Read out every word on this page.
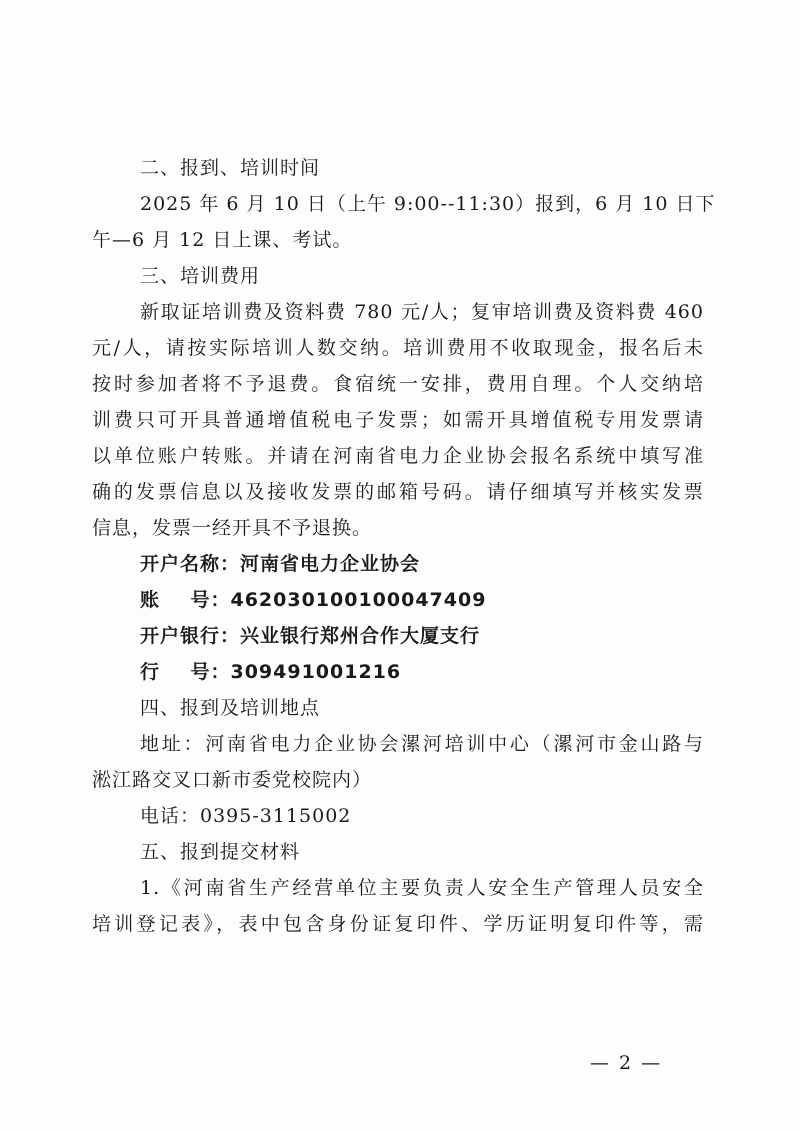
二、报到、培训时间
2025 年 6 月 10 日（上午 9:00--11:30）报到，6 月 10 日下
午—6 月 12 日上课、考试。
三、培训费用
新取证培训费及资料费 780 元/人；复审培训费及资料费 460
元/人，请按实际培训人数交纳。培训费用不收取现金，报名后未
按时参加者将不予退费。食宿统一安排，费用自理。个人交纳培
训费只可开具普通增值税电子发票；如需开具增值税专用发票请
以单位账户转账。并请在河南省电力企业协会报名系统中填写准
确的发票信息以及接收发票的邮箱号码。请仔细填写并核实发票
信息，发票一经开具不予退换。
开户名称：河南省电力企业协会
账    号：462030100100047409
开户银行：兴业银行郑州合作大厦支行
行    号：309491001216
四、报到及培训地点
地址：河南省电力企业协会漯河培训中心（漯河市金山路与
淞江路交叉口新市委党校院内）
电话：0395-3115002
五、报到提交材料
1.《河南省生产经营单位主要负责人安全生产管理人员安全
培训登记表》，表中包含身份证复印件、学历证明复印件等，需
— 2 —
